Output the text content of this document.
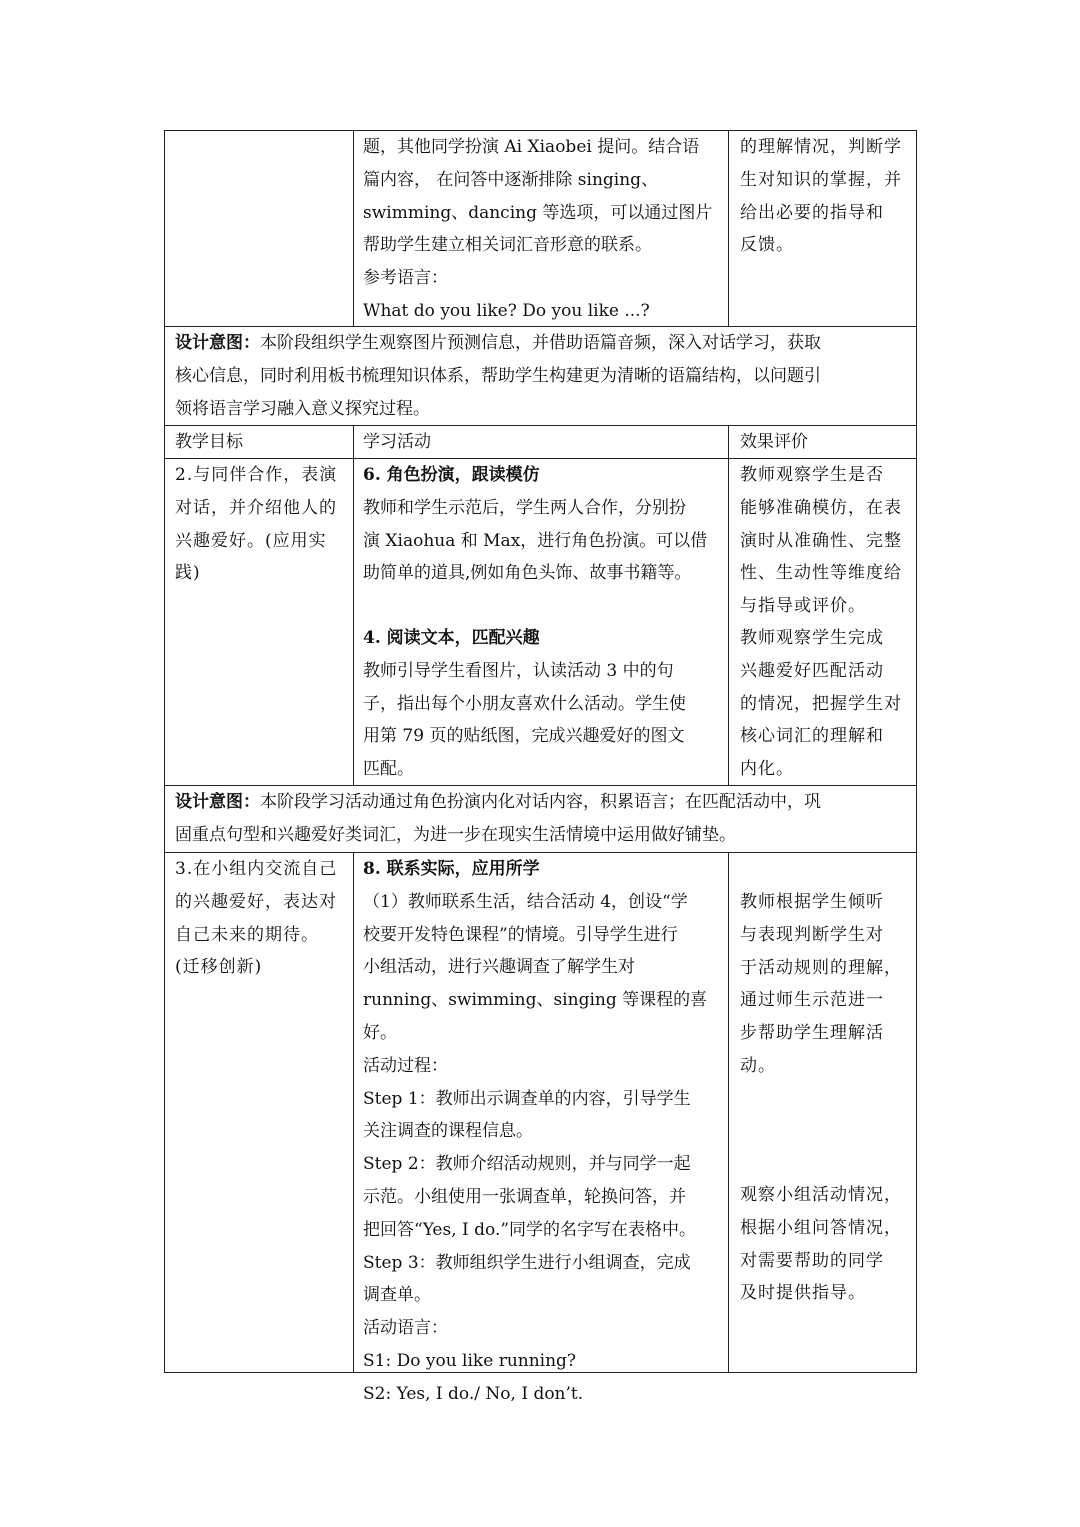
题，其他同学扮演 Ai Xiaobei 提问。结合语

篇内容， 在问答中逐渐排除 singing、

swimming、dancing 等选项，可以通过图片

帮助学生建立相关词汇音形意的联系。

参考语言：

What do you like? Do you like ...?

的理解情况，判断学

生对知识的掌握，并

给出必要的指导和

反馈。

设计意图：本阶段组织学生观察图片预测信息，并借助语篇音频，深入对话学习，获取

核心信息，同时利用板书梳理知识体系，帮助学生构建更为清晰的语篇结构，以问题引

领将语言学习融入意义探究过程。

教学目标	学习活动	效果评价

2.与同伴合作，表演

对话，并介绍他人的

兴趣爱好。(应用实

践)

6. 角色扮演，跟读模仿

教师和学生示范后，学生两人合作，分别扮

演 Xiaohua 和 Max，进行角色扮演。可以借

助简单的道具,例如角色头饰、故事书籍等。

教师观察学生是否

能够准确模仿，在表

演时从准确性、完整

性、生动性等维度给

与指导或评价。

4. 阅读文本，匹配兴趣

教师引导学生看图片，认读活动 3 中的句

子，指出每个小朋友喜欢什么活动。学生使

用第 79 页的贴纸图，完成兴趣爱好的图文

匹配。

教师观察学生完成

兴趣爱好匹配活动

的情况，把握学生对

核心词汇的理解和

内化。

设计意图：本阶段学习活动通过角色扮演内化对话内容，积累语言；在匹配活动中，巩

固重点句型和兴趣爱好类词汇，为进一步在现实生活情境中运用做好铺垫。

3.在小组内交流自己

的兴趣爱好，表达对

自己未来的期待。

(迁移创新)

8. 联系实际，应用所学

（1）教师联系生活，结合活动 4，创设“学

校要开发特色课程”的情境。引导学生进行

小组活动，进行兴趣调查了解学生对

running、swimming、singing 等课程的喜好。

活动过程：

Step 1：教师出示调查单的内容，引导学生

关注调查的课程信息。

Step 2：教师介绍活动规则，并与同学一起

示范。小组使用一张调查单，轮换问答，并

把回答“Yes, I do.”同学的名字写在表格中。

Step 3：教师组织学生进行小组调查，完成

调查单。

活动语言：

S1: Do you like running?

S2: Yes, I do./ No, I don’t.

教师根据学生倾听

与表现判断学生对

于活动规则的理解，

通过师生示范进一

步帮助学生理解活

动。

观察小组活动情况，

根据小组问答情况，

对需要帮助的同学

及时提供指导。
